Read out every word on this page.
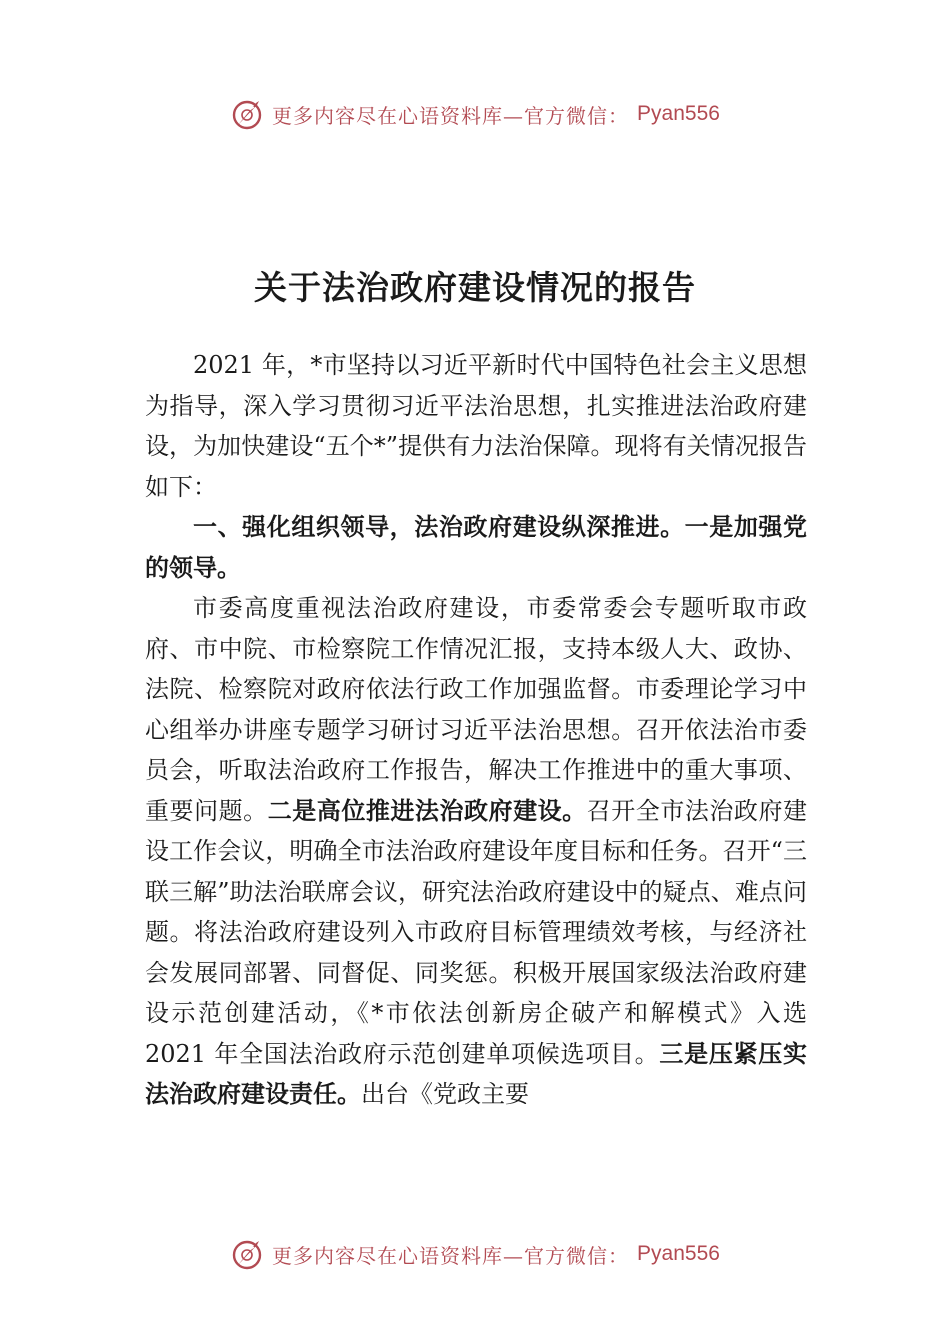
更多内容尽在心语资料库—官方微信： Pyan556
关于法治政府建设情况的报告

2021 年，*市坚持以习近平新时代中国特色社会主义思想为指导，深入学习贯彻习近平法治思想，扎实推进法治政府建设，为加快建设“五个*”提供有力法治保障。现将有关情况报告如下：

一、强化组织领导，法治政府建设纵深推进。一是加强党的领导。

市委高度重视法治政府建设，市委常委会专题听取市政府、市中院、市检察院工作情况汇报，支持本级人大、政协、法院、检察院对政府依法行政工作加强监督。市委理论学习中心组举办讲座专题学习研讨习近平法治思想。召开依法治市委员会，听取法治政府工作报告，解决工作推进中的重大事项、重要问题。二是高位推进法治政府建设。召开全市法治政府建设工作会议，明确全市法治政府建设年度目标和任务。召开“三联三解”助法治联席会议，研究法治政府建设中的疑点、难点问题。将法治政府建设列入市政府目标管理绩效考核，与经济社会发展同部署、同督促、同奖惩。积极开展国家级法治政府建设示范创建活动，《*市依法创新房企破产和解模式》入选 2021 年全国法治政府示范创建单项候选项目。三是压紧压实法治政府建设责任。出台《党政主要

更多内容尽在心语资料库—官方微信： Pyan556
